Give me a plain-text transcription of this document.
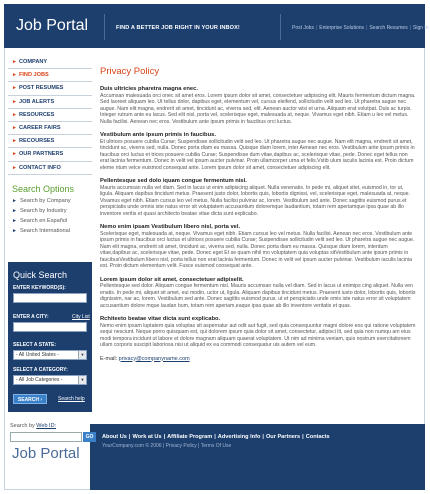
Job Portal	FIND A BETTER JOB RIGHT IN YOUR INBOX!	Post Jobs | Enterprise Solutions | Search Resumes | Sign In
► COMPANY
► FIND JOBS
► POST RESUMES
► JOB ALERTS
► RESOURCES
► CAREER FAIRS
► RECOURSES
► OUR PARTNERS
► CONTACT INFO
Search Options
► Search by Company
► Search by Industry
► Search en Español
► Search International
Quick Search
ENTER KEYWORD(S):
ENTER A CITY:	City List
SELECT A STATE:
- All United States -	▼
SELECT A CATEGORY:
- All Job Categories -	▼
SEARCH ›	Search help
Job Portal
About Us | Work at Us | Affiliate Program | Advertising Info | Our Partners | Contacts
YourCompany.com © 2006 | Privacy Policy | Terms Of Use
Search by Web ID:
GO
Privacy Policy
Duis ultricies pharetra magna enec.
Accumsan malesuada orci onec sit amet eros. Lorem ipsum dolor sit amet, consectetuer adipiscing elit. Mauris fermentum dictum magna. Sed laoreet aliquam leo. Ut tellus dolor, dapibus eget, elementum vel, cursus eleifend, sollicitudin velit sed leo. Ut pharetra augue nec augue. Nam elit magna, endrerit sit amet, tincidunt ac, viverra sed, elit. Aenean auctor wisi et urna. Aliquam erat volutpat. Duis ac turpis. Integer rutrum ante eu lacus. Sed elit nisl, porta vel, scelerisque eget, malesuada at, neque. Vivamus eget nibh. Etiam u leo vel metus. Nulla facilisi. Aenean nec eros. Vestibulum ante ipsum primis in faucibus orci luctus.
Vestibulum ante ipsum primis in faucibus.
Et ultrices posuere cubilia Curae; Suspendisse sollicitudin velit sed leo. Ut pharetra augue nec augue. Nam elit magna, endrerit sit amet, tincidunt ac, viverra sed, nulla. Donec porta diam eu massa. Quisque diam lorem, inter Aenean nec eros. Vestibulum ante ipsum primis in faucibus orci luctus et trices posuere cubilia Curae; Suspendisse dum vitae,dapibus ac, scelerisque vitae, pede. Donec eget tellus non erat lacinia fermentum. Donec in velit vel ipsum aucter pulvinar. Proin ullamcorper urna et felis.Vstib ulum iaculis lacinia est. Proin dictum eleme ntum velce euismod consequat ante. Lorem ipsum dolor sit amet, consectetuer adipiscing elit.
Pellentesque sed dolo iquam congue fermentum nisl.
Mauris accumsan nulla vel diam. Sed in lacus ut enim adipiscing aliquet. Nulla venenatis. In pede mi, aliquet sitet, euismod in, tor ut, ligula. Aliquam dapibus tincidunt metus. Praesent justo dolor, lobortis quis, lobortis dignissi, vel, scelerisque eget, malesuada at, neque. Vivamus eget nibh. Etiam cursus leo vel metus. Nulla facilisi pulvinar ac, lorem. Vestibulum sed ante. Donec sagittis euismod purus.et perspiciatis unde omnis iste natus error sit voluptatem accusantium doloremque laudantium, totam rem aperiamque ipsa quae ab illo inventore veritis et quasi architecto beatae vitae dicta sunt explicabo.
Nemo enim ipsam Vestibulum libero nisl, porta vel.
Scelerisque eget, malesuada at, neque. Vivamus eget nibh. Etiam cursus leo vel metus. Nulla facilisi. Aenean nec eros. Vestibulum ante ipsum primis in faucibus orci luctus et ultrices posuere cubilia Curae; Suspendisse sollicitudin velit sed leo. Ut pharetra augue nec augue. Nam elit magna, endrerit sit amet, tincidunt ac, viverra sed, nulla. Donec porta diam eu massa. Quisque diam lorem, interdum vitae,dapibus ac, scelerisque vitae, pede. Donec eget Et se quam nihil mo voluptatem quia voluptas sitVestibulum ante ipsum primis in faucibusVestibulum libero nisl, porta tellus non erat lacinia fermentum. Donec in velit vel ipsum aucter pulvinar. Vestibulum iaculis lacinia est. Proin dictum elementum velit. Fusce euismod consequat ante.
Lorem ipsum dolor sit amet, consectetuer adipiselit.
Pellentesque sed dolor. Aliquam congue fermentum nisl. Mauris accumsan nulla vel diam. Sed in lacus ut enimips cing aliquet. Nulla ven enatis. In pede mi, aliquet sit amet, eui modin, uctor ut, ligula. Aliquam dapibus tincidunt metus. Praesent iusto dolor, lobortis quis, lobortis dignissim, nar ac, lorem. Vestibulum sed ante. Donec sagittis euismod purus. ut et perspiciatis unde omis iste natus error sit voluptatem accusantium dolore mque laudan bum, totam rem aperiam,eaque ipsa quae ab illo inventore veritatis et quas.
Rchiteeto beatae vitae dicta sunt explicabo.
Nemo enim ipsam luptatem quia voluptas sit aspernatur aut odit aut fugit, sed quia consequuntur magni dolore eos qui ratione voluptatem sequi nesciunt. Neque porro quisquam est, qui dolorem ipsum quia dolor sit amet, consectetur, adipisci lit, sed quia non numqu am eius modi tempora incidunt ut labore et dolore magnam aliquam quaerat voluptatem. Ut nim ad minima veniam, quis nostrum exercitationem ullam corporis suscipit laboriosa nisi ut aliquid ex ea commodi consequatur uis autem vel eum.
E-mail: privacy@companyname.com
